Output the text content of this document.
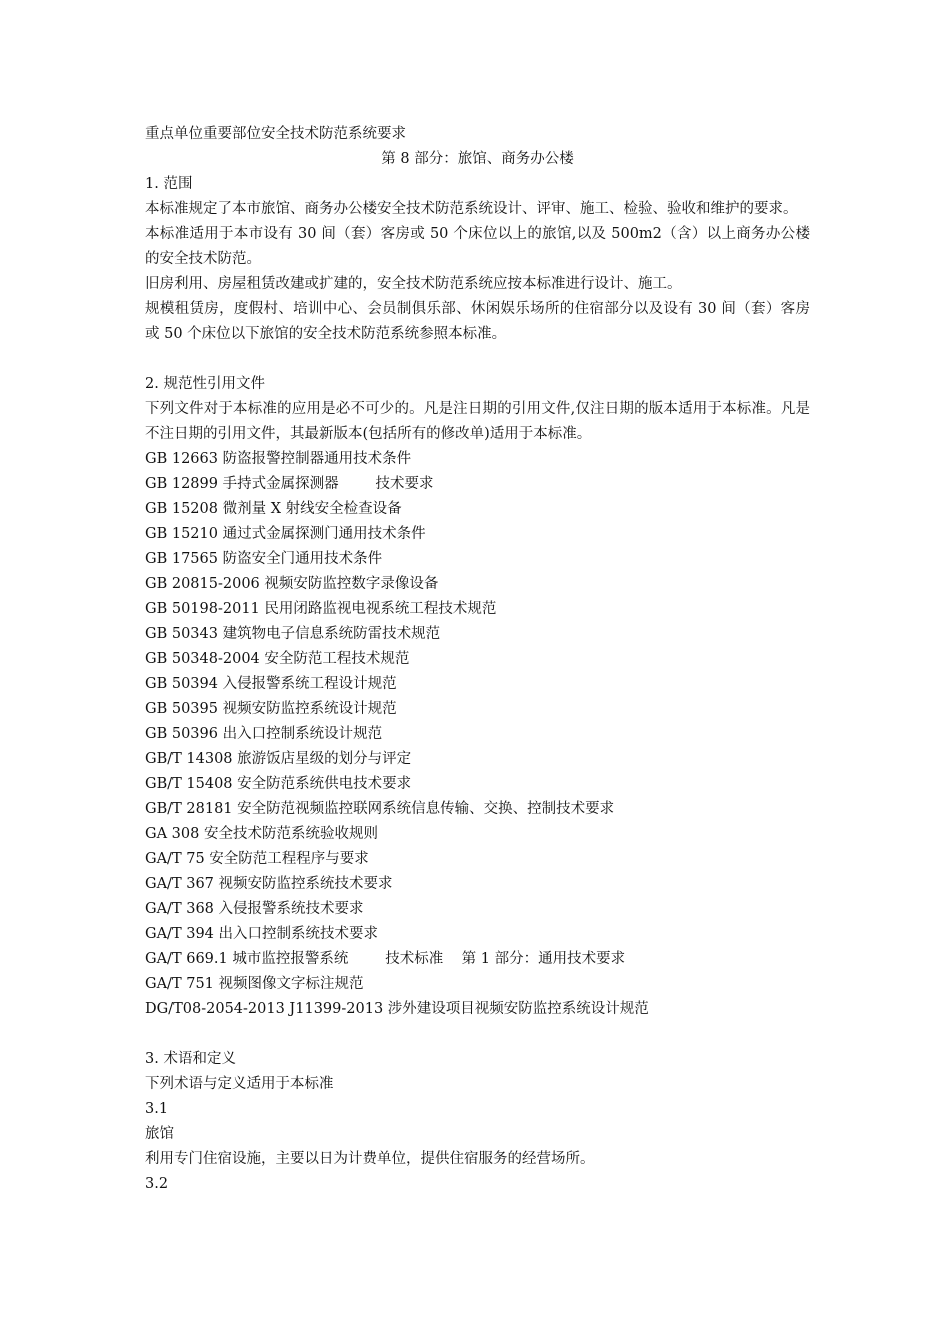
重点单位重要部位安全技术防范系统要求
第 8 部分：旅馆、商务办公楼
1. 范围
本标准规定了本市旅馆、商务办公楼安全技术防范系统设计、评审、施工、检验、验收和维护的要求。
本标准适用于本市设有 30 间（套）客房或 50 个床位以上的旅馆,以及 500m2（含）以上商务办公楼的安全技术防范。
旧房利用、房屋租赁改建或扩建的，安全技术防范系统应按本标准进行设计、施工。
规模租赁房，度假村、培训中心、会员制俱乐部、休闲娱乐场所的住宿部分以及设有 30 间（套）客房或 50 个床位以下旅馆的安全技术防范系统参照本标准。
2. 规范性引用文件
下列文件对于本标准的应用是必不可少的。凡是注日期的引用文件,仅注日期的版本适用于本标准。凡是不注日期的引用文件，其最新版本(包括所有的修改单)适用于本标准。
GB 12663 防盗报警控制器通用技术条件
GB 12899 手持式金属探测器        技术要求
GB 15208 微剂量 X 射线安全检查设备
GB 15210 通过式金属探测门通用技术条件
GB 17565 防盗安全门通用技术条件
GB 20815-2006 视频安防监控数字录像设备
GB 50198-2011 民用闭路监视电视系统工程技术规范
GB 50343 建筑物电子信息系统防雷技术规范
GB 50348-2004 安全防范工程技术规范
GB 50394 入侵报警系统工程设计规范
GB 50395 视频安防监控系统设计规范
GB 50396 出入口控制系统设计规范
GB/T 14308 旅游饭店星级的划分与评定
GB/T 15408 安全防范系统供电技术要求
GB/T 28181 安全防范视频监控联网系统信息传输、交换、控制技术要求
GA 308 安全技术防范系统验收规则
GA/T 75 安全防范工程程序与要求
GA/T 367 视频安防监控系统技术要求
GA/T 368 入侵报警系统技术要求
GA/T 394 出入口控制系统技术要求
GA/T 669.1 城市监控报警系统        技术标准    第 1 部分：通用技术要求
GA/T 751 视频图像文字标注规范
DG/T08-2054-2013 J11399-2013 涉外建设项目视频安防监控系统设计规范
3. 术语和定义
下列术语与定义适用于本标准
3.1
旅馆
利用专门住宿设施，主要以日为计费单位，提供住宿服务的经营场所。
3.2
